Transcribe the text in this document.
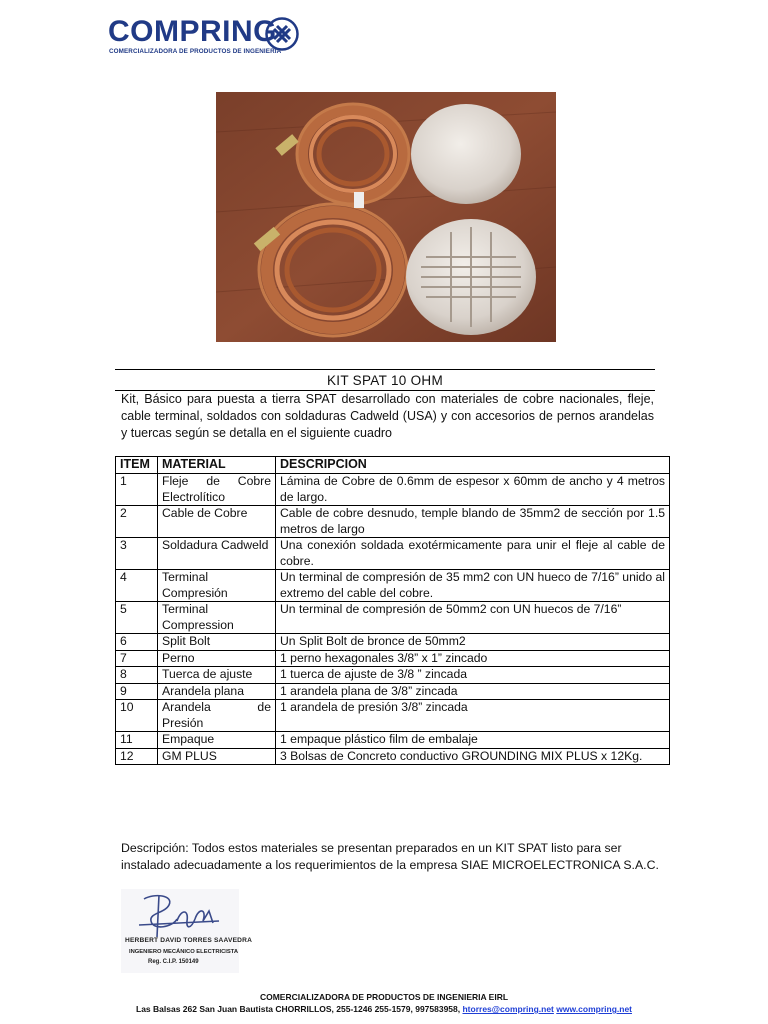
COMPRING
COMERCIALIZADORA DE PRODUCTOS DE INGENIERÍA
KIT SPAT 10 OHM
Kit, Básico para puesta a tierra SPAT desarrollado con materiales de cobre nacionales, fleje, cable terminal, soldados con soldaduras Cadweld (USA) y con accesorios de pernos arandelas y tuercas según se detalla en el siguiente cuadro
ITEM	MATERIAL	DESCRIPCION
1	Fleje de Cobre Electrolítico	Lámina de Cobre de 0.6mm de espesor x 60mm de ancho y 4 metros de largo.
2	Cable de Cobre	Cable de cobre desnudo, temple blando de 35mm2 de sección por 1.5 metros de largo
3	Soldadura Cadweld	Una conexión soldada exotérmicamente para unir el fleje al cable de cobre.
4	Terminal Compresión	Un terminal de compresión de 35 mm2 con UN hueco de 7/16” unido al extremo del cable del cobre.
5	Terminal Compression	Un terminal de compresión de 50mm2 con UN huecos de 7/16”
6	Split Bolt	Un Split Bolt de bronce de 50mm2
7	Perno	1 perno hexagonales 3/8” x 1” zincado
8	Tuerca de ajuste	1 tuerca de ajuste de 3/8 ” zincada
9	Arandela plana	1 arandela plana de 3/8” zincada
10	Arandela de Presión	1 arandela de presión 3/8” zincada
11	Empaque	1 empaque plástico film de embalaje
12	GM PLUS	3 Bolsas de Concreto conductivo GROUNDING MIX PLUS x 12Kg.
Descripción: Todos estos materiales se presentan preparados en un KIT SPAT listo para ser instalado adecuadamente a los requerimientos de la empresa SIAE MICROELECTRONICA S.A.C.
HERBERT DAVID TORRES SAAVEDRA
INGENIERO MECÁNICO ELECTRICISTA
Reg. C.I.P. 150149
COMERCIALIZADORA DE PRODUCTOS DE INGENIERIA EIRL
Las Balsas 262 San Juan Bautista CHORRILLOS, 255-1246 255-1579, 997583958, htorres@compring.net www.compring.net
